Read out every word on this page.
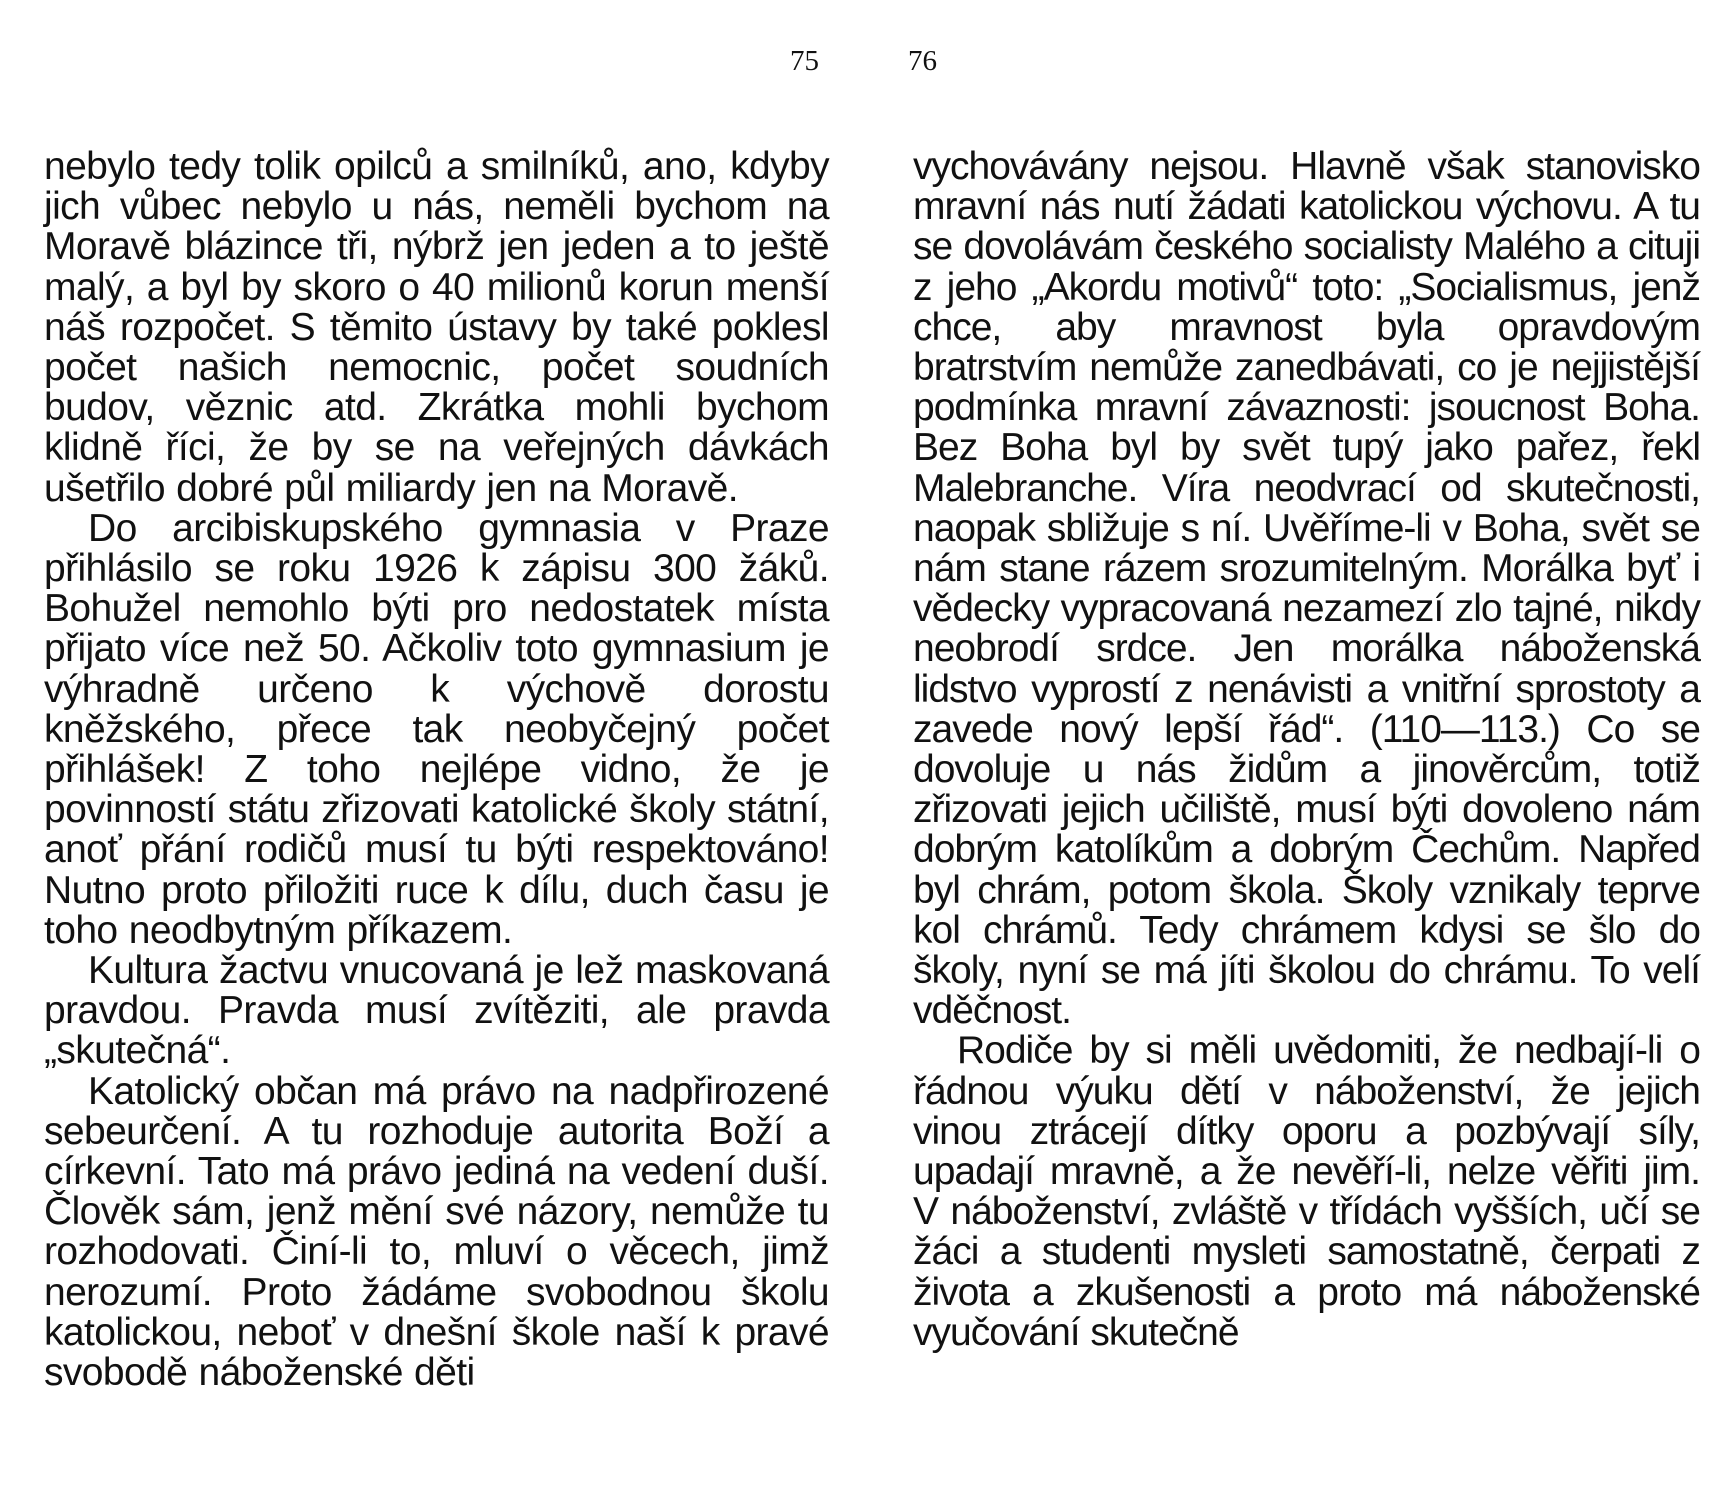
75	76

nebylo tedy tolik opilců a smilníků, ano, kdyby jich vůbec nebylo u nás, neměli bychom na Moravě blázince tři, nýbrž jen jeden a to ještě malý, a byl by skoro o 40 milionů korun menší náš rozpočet. S těmito ústavy by také poklesl počet našich nemocnic, počet soudních budov, věznic atd. Zkrátka mohli bychom klidně říci, že by se na veřejných dávkách ušetřilo dobré půl miliardy jen na Moravě.

Do arcibiskupského gymnasia v Praze přihlásilo se roku 1926 k zápisu 300 žáků. Bohužel nemohlo býti pro nedostatek místa přijato více než 50. Ačkoliv toto gymnasium je výhradně určeno k výchově dorostu kněžského, přece tak neobyčejný počet přihlášek! Z toho nejlépe vidno, že je povinností státu zřizovati katolické školy státní, anoť přání rodičů musí tu býti respektováno! Nutno proto přiložiti ruce k dílu, duch času je toho neodbytným příkazem.

Kultura žactvu vnucovaná je lež maskovaná pravdou. Pravda musí zvítěziti, ale pravda „skutečná“.

Katolický občan má právo na nadpřirozené sebeurčení. A tu rozhoduje autorita Boží a církevní. Tato má právo jediná na vedení duší. Člověk sám, jenž mění své názory, nemůže tu rozhodovati. Činí-li to, mluví o věcech, jimž nerozumí. Proto žádáme svobodnou školu katolickou, neboť v dnešní škole naší k pravé svobodě náboženské děti

vychovávány nejsou. Hlavně však stanovisko mravní nás nutí žádati katolickou výchovu. A tu se dovolávám českého socialisty Malého a cituji z jeho „Akordu motivů“ toto: „Socialismus, jenž chce, aby mravnost byla opravdovým bratrstvím nemůže zanedbávati, co je nejjistější podmínka mravní závaznosti: jsoucnost Boha. Bez Boha byl by svět tupý jako pařez, řekl Malebranche. Víra neodvrací od skutečnosti, naopak sbližuje s ní. Uvěříme-li v Boha, svět se nám stane rázem srozumitelným. Morálka byť i vědecky vypracovaná nezamezí zlo tajné, nikdy neobrodí srdce. Jen morálka náboženská lidstvo vyprostí z nenávisti a vnitřní sprostoty a zavede nový lepší řád“. (110—113.) Co se dovoluje u nás židům a jinověrcům, totiž zřizovati jejich učiliště, musí býti dovoleno nám dobrým katolíkům a dobrým Čechům. Napřed byl chrám, potom škola. Školy vznikaly teprve kol chrámů. Tedy chrámem kdysi se šlo do školy, nyní se má jíti školou do chrámu. To velí vděčnost.

Rodiče by si měli uvědomiti, že nedbají-li o řádnou výuku dětí v náboženství, že jejich vinou ztrácejí dítky oporu a pozbývají síly, upadají mravně, a že nevěří-li, nelze věřiti jim. V náboženství, zvláště v třídách vyšších, učí se žáci a studenti mysleti samostatně, čerpati z života a zkušenosti a proto má náboženské vyučování skutečně
